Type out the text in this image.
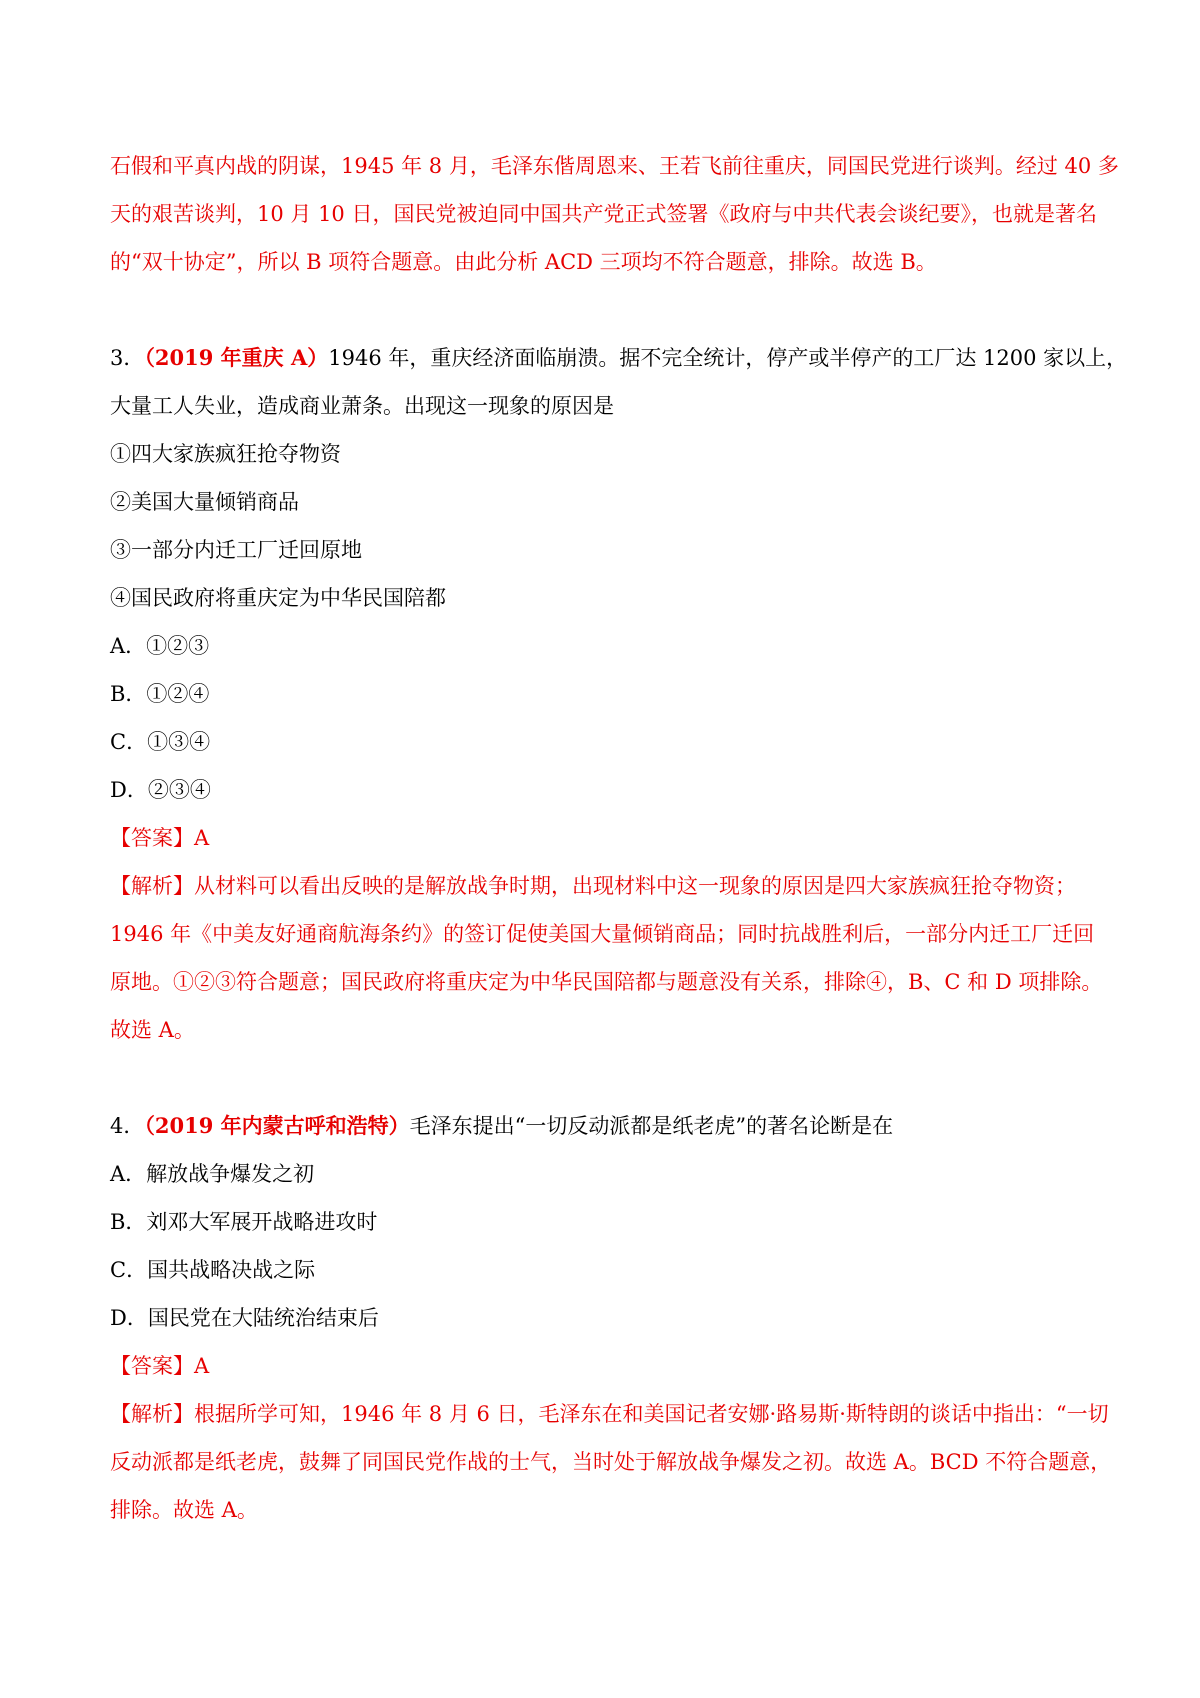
石假和平真内战的阴谋，1945 年 8 月，毛泽东偕周恩来、王若飞前往重庆，同国民党进行谈判。经过 40 多
天的艰苦谈判，10 月 10 日，国民党被迫同中国共产党正式签署《政府与中共代表会谈纪要》，也就是著名
的“双十协定”，所以 B 项符合题意。由此分析 ACD 三项均不符合题意，排除。故选 B。
3．（2019 年重庆 A）1946 年，重庆经济面临崩溃。据不完全统计，停产或半停产的工厂达 1200 家以上，
大量工人失业，造成商业萧条。出现这一现象的原因是
①四大家族疯狂抢夺物资
②美国大量倾销商品
③一部分内迁工厂迁回原地
④国民政府将重庆定为中华民国陪都
A．①②③
B．①②④
C．①③④
D．②③④
【答案】A
【解析】从材料可以看出反映的是解放战争时期，出现材料中这一现象的原因是四大家族疯狂抢夺物资；
1946 年《中美友好通商航海条约》的签订促使美国大量倾销商品；同时抗战胜利后，一部分内迁工厂迁回
原地。①②③符合题意；国民政府将重庆定为中华民国陪都与题意没有关系，排除④，B、C 和 D 项排除。
故选 A。
4．（2019 年内蒙古呼和浩特）毛泽东提出“一切反动派都是纸老虎”的著名论断是在
A．解放战争爆发之初
B．刘邓大军展开战略进攻时
C．国共战略决战之际
D．国民党在大陆统治结束后
【答案】A
【解析】根据所学可知，1946 年 8 月 6 日，毛泽东在和美国记者安娜·路易斯·斯特朗的谈话中指出：“一切
反动派都是纸老虎，鼓舞了同国民党作战的士气，当时处于解放战争爆发之初。故选 A。BCD 不符合题意，
排除。故选 A。
